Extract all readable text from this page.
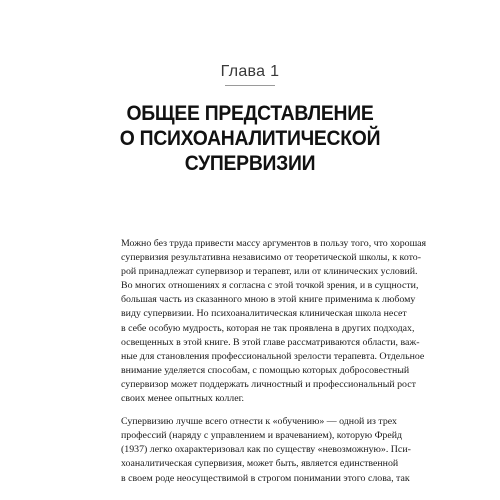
Глава 1
ОБЩЕЕ ПРЕДСТАВЛЕНИЕ
О ПСИХОАНАЛИТИЧЕСКОЙ
СУПЕРВИЗИИ
Можно без труда привести массу аргументов в пользу того, что хорошая
супервизия результативна независимо от теоретической школы, к кото-
рой принадлежат супервизор и терапевт, или от клинических условий.
Во многих отношениях я согласна с этой точкой зрения, и в сущности,
большая часть из сказанного мною в этой книге применима к любому
виду супервизии. Но психоаналитическая клиническая школа несет
в себе особую мудрость, которая не так проявлена в других подходах,
освещенных в этой книге. В этой главе рассматриваются области, важ-
ные для становления профессиональной зрелости терапевта. Отдельное
внимание уделяется способам, с помощью которых добросовестный
супервизор может поддержать личностный и профессиональный рост
своих менее опытных коллег.
Супервизию лучше всего отнести к «обучению» — одной из трех
профессий (наряду с управлением и врачеванием), которую Фрейд
(1937) легко охарактеризовал как по существу «невозможную». Пси-
хоаналитическая супервизия, может быть, является единственной
в своем роде неосуществимой в строгом понимании этого слова, так
